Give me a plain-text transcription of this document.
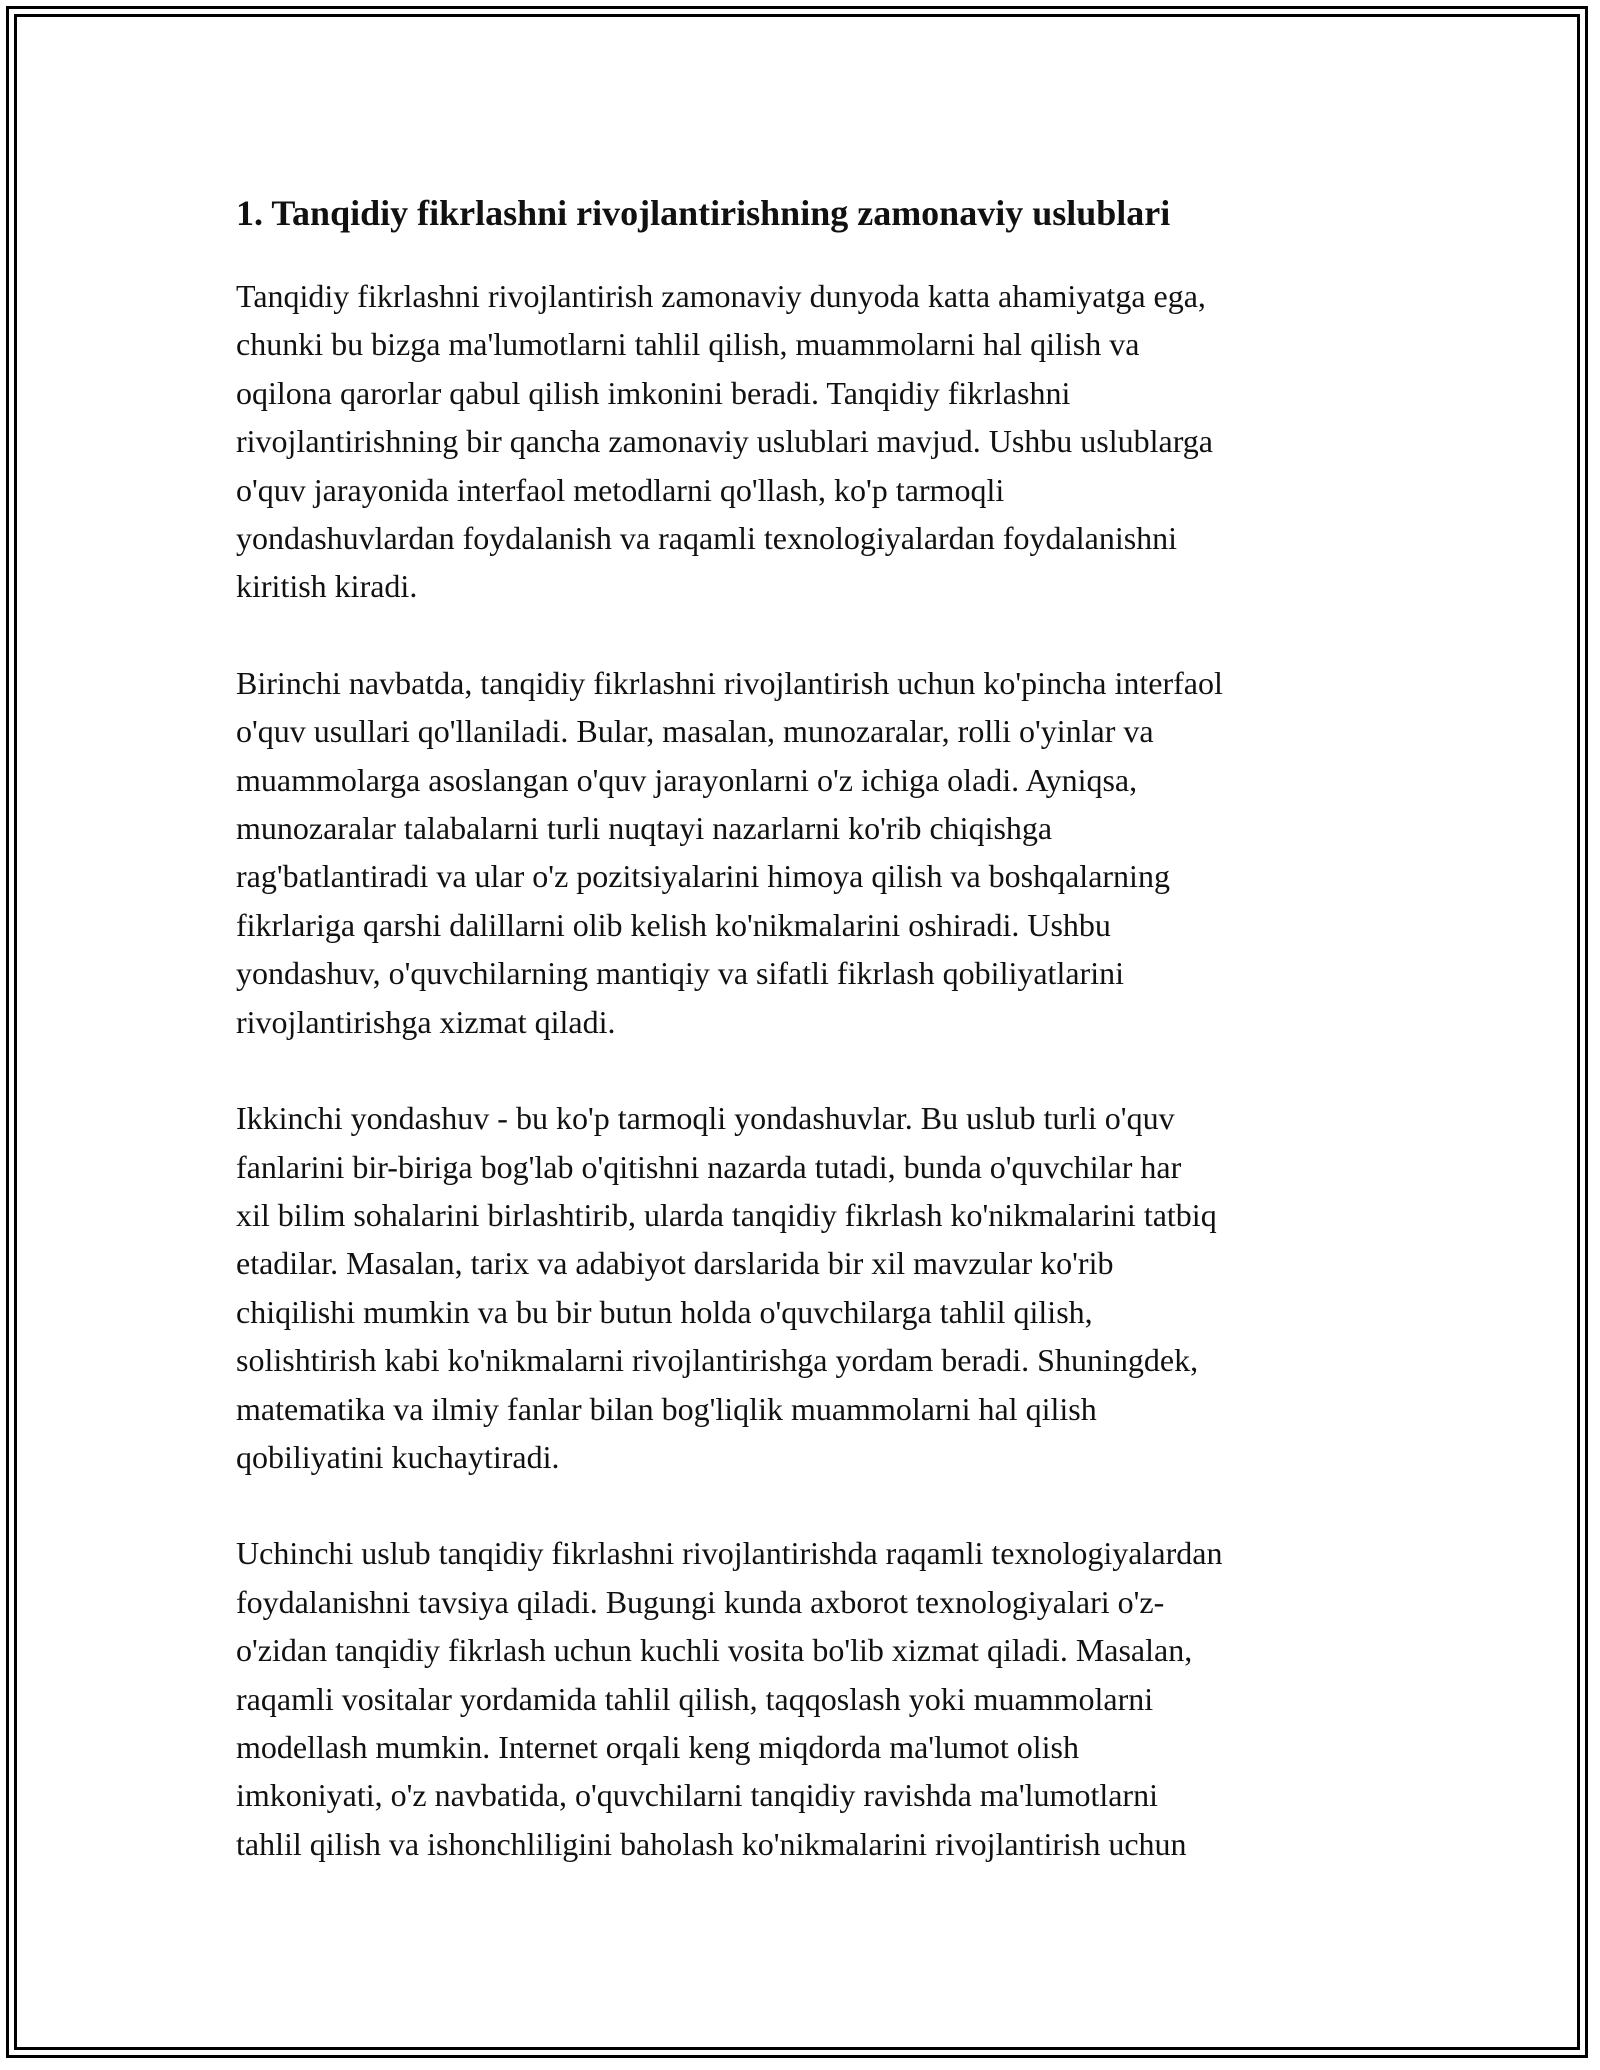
1. Tanqidiy fikrlashni rivojlantirishning zamonaviy uslublari

Tanqidiy fikrlashni rivojlantirish zamonaviy dunyoda katta ahamiyatga ega,
chunki bu bizga ma'lumotlarni tahlil qilish, muammolarni hal qilish va
oqilona qarorlar qabul qilish imkonini beradi. Tanqidiy fikrlashni
rivojlantirishning bir qancha zamonaviy uslublari mavjud. Ushbu uslublarga
o'quv jarayonida interfaol metodlarni qo'llash, ko'p tarmoqli
yondashuvlardan foydalanish va raqamli texnologiyalardan foydalanishni
kiritish kiradi.

Birinchi navbatda, tanqidiy fikrlashni rivojlantirish uchun ko'pincha interfaol
o'quv usullari qo'llaniladi. Bular, masalan, munozaralar, rolli o'yinlar va
muammolarga asoslangan o'quv jarayonlarni o'z ichiga oladi. Ayniqsa,
munozaralar talabalarni turli nuqtayi nazarlarni ko'rib chiqishga
rag'batlantiradi va ular o'z pozitsiyalarini himoya qilish va boshqalarning
fikrlariga qarshi dalillarni olib kelish ko'nikmalarini oshiradi. Ushbu
yondashuv, o'quvchilarning mantiqiy va sifatli fikrlash qobiliyatlarini
rivojlantirishga xizmat qiladi.

Ikkinchi yondashuv - bu ko'p tarmoqli yondashuvlar. Bu uslub turli o'quv
fanlarini bir-biriga bog'lab o'qitishni nazarda tutadi, bunda o'quvchilar har
xil bilim sohalarini birlashtirib, ularda tanqidiy fikrlash ko'nikmalarini tatbiq
etadilar. Masalan, tarix va adabiyot darslarida bir xil mavzular ko'rib
chiqilishi mumkin va bu bir butun holda o'quvchilarga tahlil qilish,
solishtirish kabi ko'nikmalarni rivojlantirishga yordam beradi. Shuningdek,
matematika va ilmiy fanlar bilan bog'liqlik muammolarni hal qilish
qobiliyatini kuchaytiradi.

Uchinchi uslub tanqidiy fikrlashni rivojlantirishda raqamli texnologiyalardan
foydalanishni tavsiya qiladi. Bugungi kunda axborot texnologiyalari o'z-
o'zidan tanqidiy fikrlash uchun kuchli vosita bo'lib xizmat qiladi. Masalan,
raqamli vositalar yordamida tahlil qilish, taqqoslash yoki muammolarni
modellash mumkin. Internet orqali keng miqdorda ma'lumot olish
imkoniyati, o'z navbatida, o'quvchilarni tanqidiy ravishda ma'lumotlarni
tahlil qilish va ishonchliligini baholash ko'nikmalarini rivojlantirish uchun
